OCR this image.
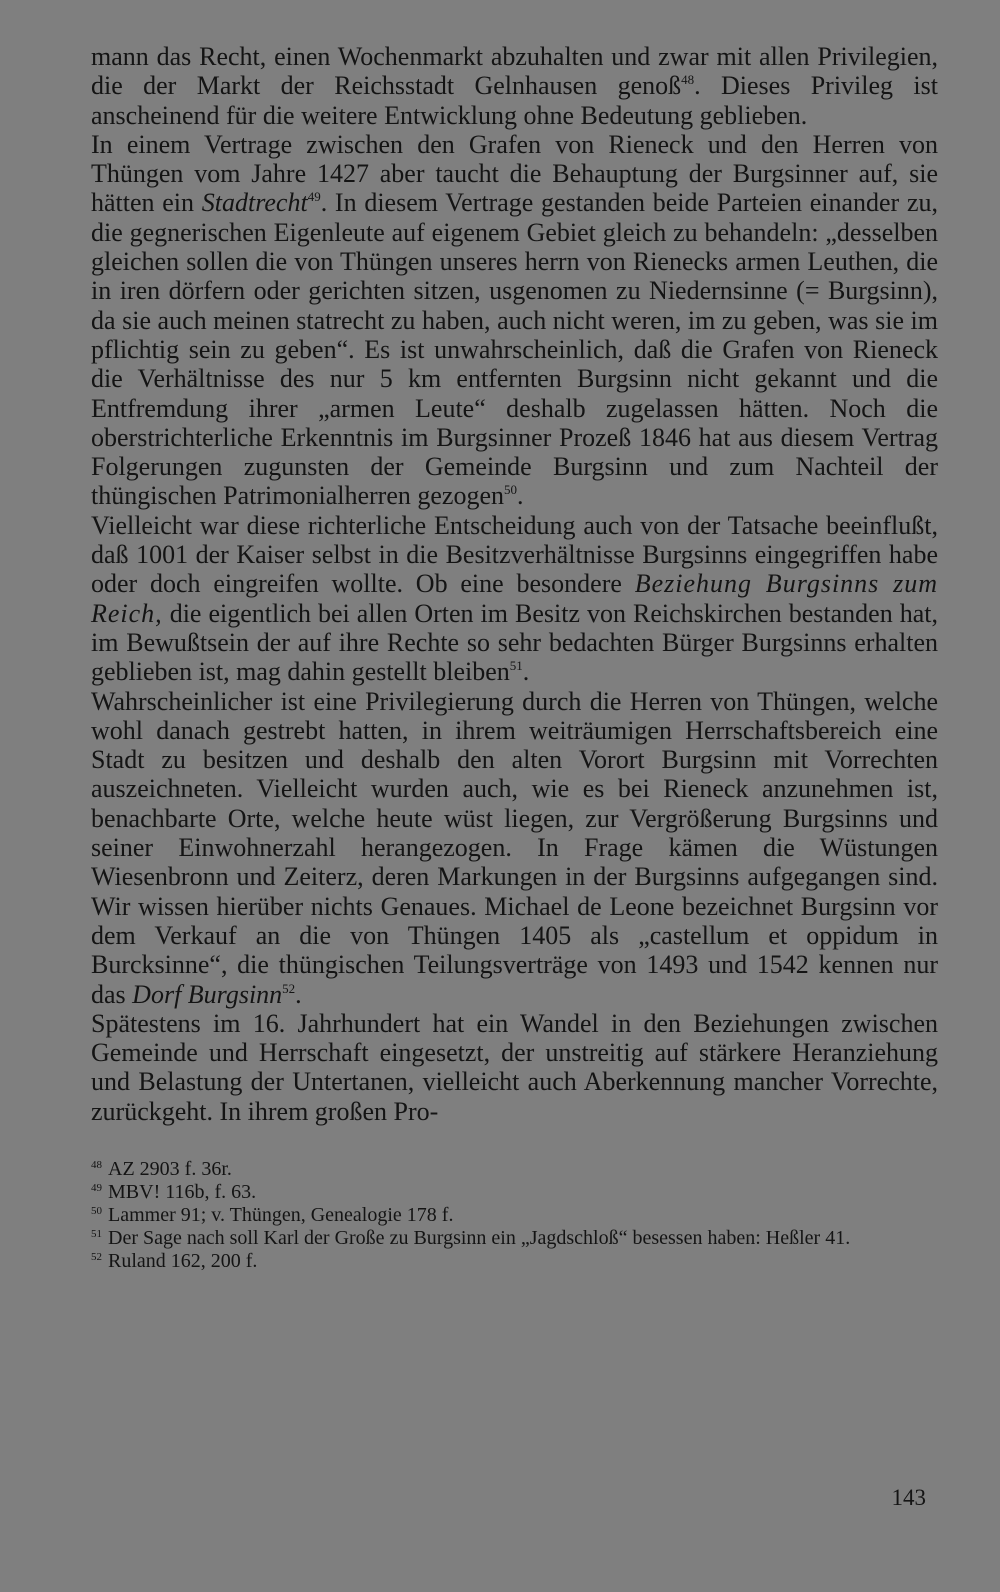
mann das Recht, einen Wochenmarkt abzuhalten und zwar mit allen Privilegien, die der Markt der Reichsstadt Gelnhausen genoß$^{48}$. Dieses Privileg ist anscheinend für die weitere Entwicklung ohne Bedeutung geblieben.

In einem Vertrage zwischen den Grafen von Rieneck und den Herren von Thüngen vom Jahre 1427 aber taucht die Behauptung der Burgsinner auf, sie hätten ein Stadtrecht$^{49}$. In diesem Vertrage gestanden beide Parteien einander zu, die gegnerischen Eigenleute auf eigenem Gebiet gleich zu behandeln: „desselben gleichen sollen die von Thüngen unseres herrn von Rienecks armen Leuthen, die in iren dörfern oder gerichten sitzen, usgenomen zu Niedernsinne (= Burgsinn), da sie auch meinen statrecht zu haben, auch nicht weren, im zu geben, was sie im pflichtig sein zu geben“. Es ist unwahrscheinlich, daß die Grafen von Rieneck die Verhältnisse des nur 5 km entfernten Burgsinn nicht gekannt und die Entfremdung ihrer „armen Leute“ deshalb zugelassen hätten. Noch die oberstrichterliche Erkenntnis im Burgsinner Prozeß 1846 hat aus diesem Vertrag Folgerungen zugunsten der Gemeinde Burgsinn und zum Nachteil der thüngischen Patrimonialherren gezogen$^{50}$.

Vielleicht war diese richterliche Entscheidung auch von der Tatsache beeinflußt, daß 1001 der Kaiser selbst in die Besitzverhältnisse Burgsinns eingegriffen habe oder doch eingreifen wollte. Ob eine besondere Beziehung Burgsinns zum Reich, die eigentlich bei allen Orten im Besitz von Reichskirchen bestanden hat, im Bewußtsein der auf ihre Rechte so sehr bedachten Bürger Burgsinns erhalten geblieben ist, mag dahin gestellt bleiben$^{51}$.

Wahrscheinlicher ist eine Privilegierung durch die Herren von Thüngen, welche wohl danach gestrebt hatten, in ihrem weiträumigen Herrschaftsbereich eine Stadt zu besitzen und deshalb den alten Vorort Burgsinn mit Vorrechten auszeichneten. Vielleicht wurden auch, wie es bei Rieneck anzunehmen ist, benachbarte Orte, welche heute wüst liegen, zur Vergrößerung Burgsinns und seiner Einwohnerzahl herangezogen. In Frage kämen die Wüstungen Wiesenbronn und Zeiterz, deren Markungen in der Burgsinns aufgegangen sind. Wir wissen hierüber nichts Genaues. Michael de Leone bezeichnet Burgsinn vor dem Verkauf an die von Thüngen 1405 als „castellum et oppidum in Burcksinne“, die thüngischen Teilungsverträge von 1493 und 1542 kennen nur das Dorf Burgsinn$^{52}$.

Spätestens im 16. Jahrhundert hat ein Wandel in den Beziehungen zwischen Gemeinde und Herrschaft eingesetzt, der unstreitig auf stärkere Heranziehung und Belastung der Untertanen, vielleicht auch Aberkennung mancher Vorrechte, zurückgeht. In ihrem großen Pro-

$^{48}$ AZ 2903 f. 36r.

$^{49}$ MBV! 116b, f. 63.

$^{50}$ Lammer 91; v. Thüngen, Genealogie 178 f.

$^{51}$ Der Sage nach soll Karl der Große zu Burgsinn ein „Jagdschloß“ besessen haben: Heßler 41.

$^{52}$ Ruland 162, 200 f.

143
